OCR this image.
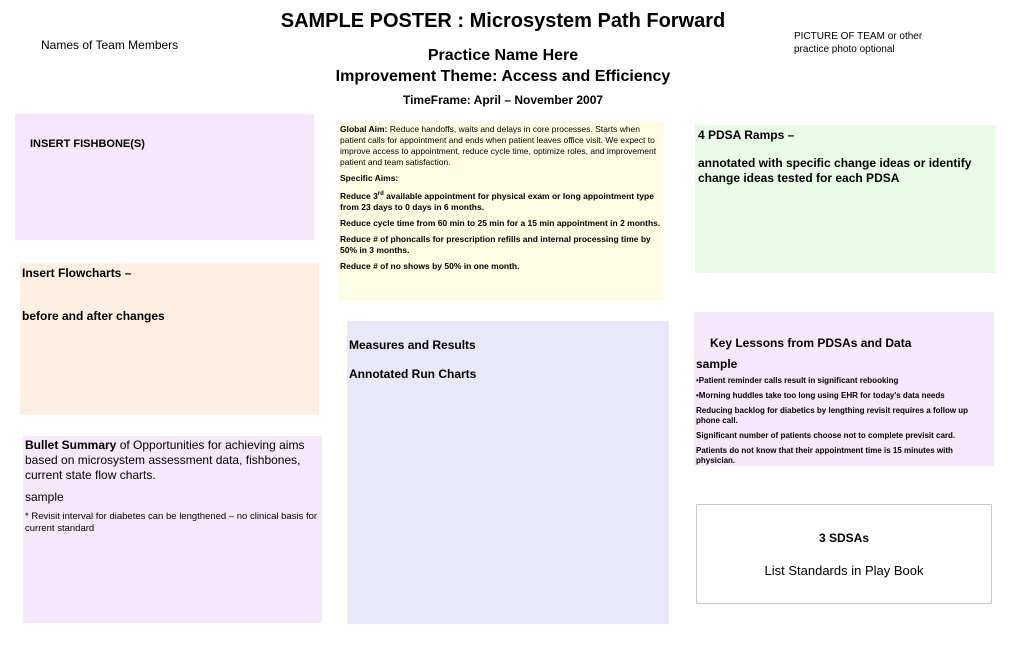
SAMPLE POSTER : Microsystem Path Forward
Names of Team Members
PICTURE OF TEAM or other
practice photo optional
Practice Name Here
Improvement Theme: Access and Efficiency
TimeFrame: April – November 2007
INSERT FISHBONE(S)
Insert Flowcharts –
before and after changes

Bullet Summary of Opportunities for achieving aims based on microsystem assessment data, fishbones, current state flow charts.

sample

* Revisit interval for diabetes can be lengthened – no clinical basis for current standard

Global Aim: Reduce handoffs, waits and delays in core processes. Starts when patient calls for appointment and ends when patient leaves office visit. We expect to improve access to appointment, reduce cycle time, optimize roles, and improvement patient and team satisfaction.

Specific Aims:

Reduce 3rd available appointment for physical exam or long appointment type from 23 days to 0 days in 6 months.

Reduce cycle time from 60 min to 25 min for a 15 min appointment in 2 months.

Reduce # of phoncalls for prescription refills and internal processing time by 50% in 3 months.

Reduce # of no shows by 50% in one month.

Measures and Results
Annotated Run Charts

4 PDSA Ramps –

annotated with specific change ideas or identify change ideas tested for each PDSA

Key Lessons from PDSAs and Data

sample

•Patient reminder calls result in significant rebooking

•Morning huddles take too long using EHR for today's data needs

Reducing backlog for diabetics by lengthing revisit requires a follow up phone call.

Significant number of patients choose not to complete previsit card.

Patients do not know that their appointment time is 15 minutes with physician.

3 SDSAs
List Standards in Play Book
